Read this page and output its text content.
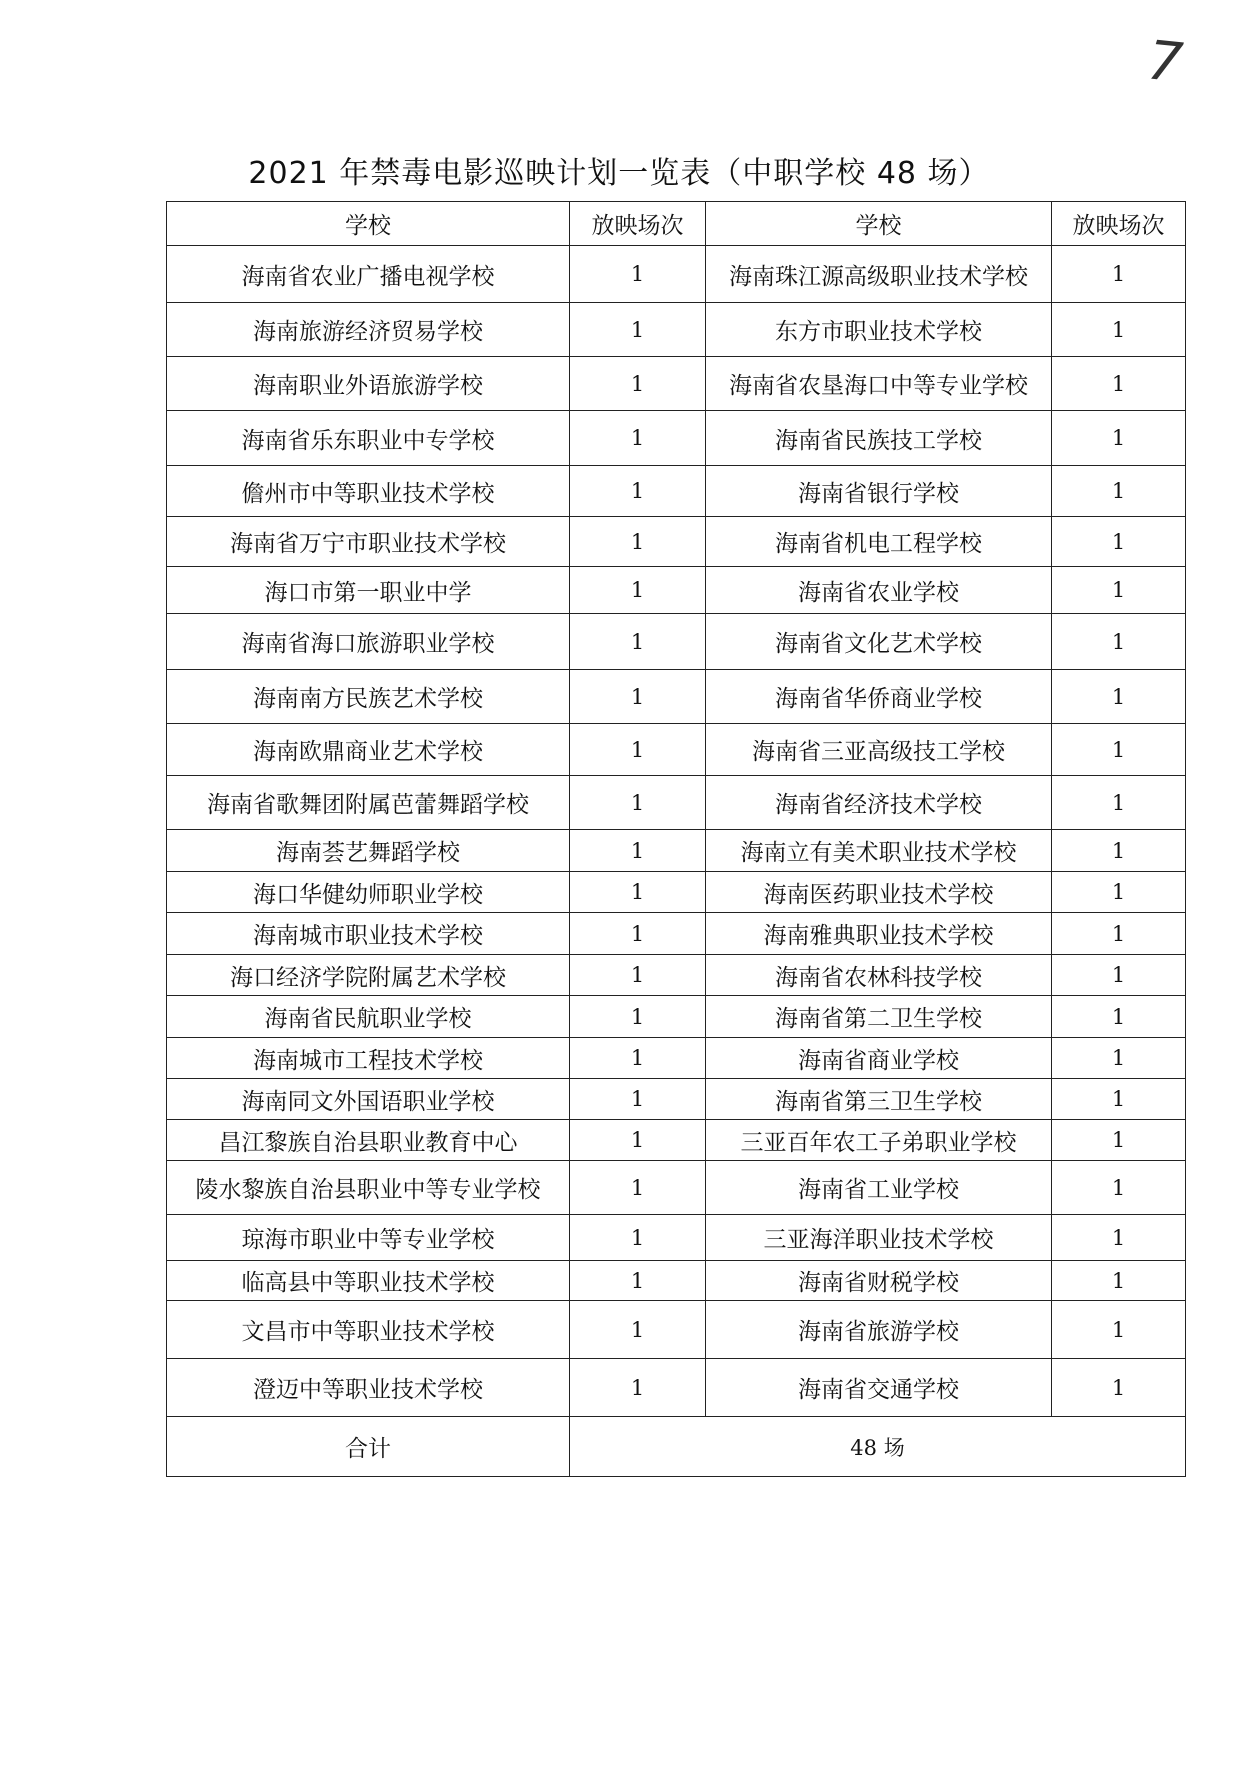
7
2021 年禁毒电影巡映计划一览表（中职学校 48 场）
学校	放映场次	学校	放映场次
海南省农业广播电视学校	1	海南珠江源高级职业技术学校	1
海南旅游经济贸易学校	1	东方市职业技术学校	1
海南职业外语旅游学校	1	海南省农垦海口中等专业学校	1
海南省乐东职业中专学校	1	海南省民族技工学校	1
儋州市中等职业技术学校	1	海南省银行学校	1
海南省万宁市职业技术学校	1	海南省机电工程学校	1
海口市第一职业中学	1	海南省农业学校	1
海南省海口旅游职业学校	1	海南省文化艺术学校	1
海南南方民族艺术学校	1	海南省华侨商业学校	1
海南欧鼎商业艺术学校	1	海南省三亚高级技工学校	1
海南省歌舞团附属芭蕾舞蹈学校	1	海南省经济技术学校	1
海南荟艺舞蹈学校	1	海南立有美术职业技术学校	1
海口华健幼师职业学校	1	海南医药职业技术学校	1
海南城市职业技术学校	1	海南雅典职业技术学校	1
海口经济学院附属艺术学校	1	海南省农林科技学校	1
海南省民航职业学校	1	海南省第二卫生学校	1
海南城市工程技术学校	1	海南省商业学校	1
海南同文外国语职业学校	1	海南省第三卫生学校	1
昌江黎族自治县职业教育中心	1	三亚百年农工子弟职业学校	1
陵水黎族自治县职业中等专业学校	1	海南省工业学校	1
琼海市职业中等专业学校	1	三亚海洋职业技术学校	1
临高县中等职业技术学校	1	海南省财税学校	1
文昌市中等职业技术学校	1	海南省旅游学校	1
澄迈中等职业技术学校	1	海南省交通学校	1
合计	48 场		
